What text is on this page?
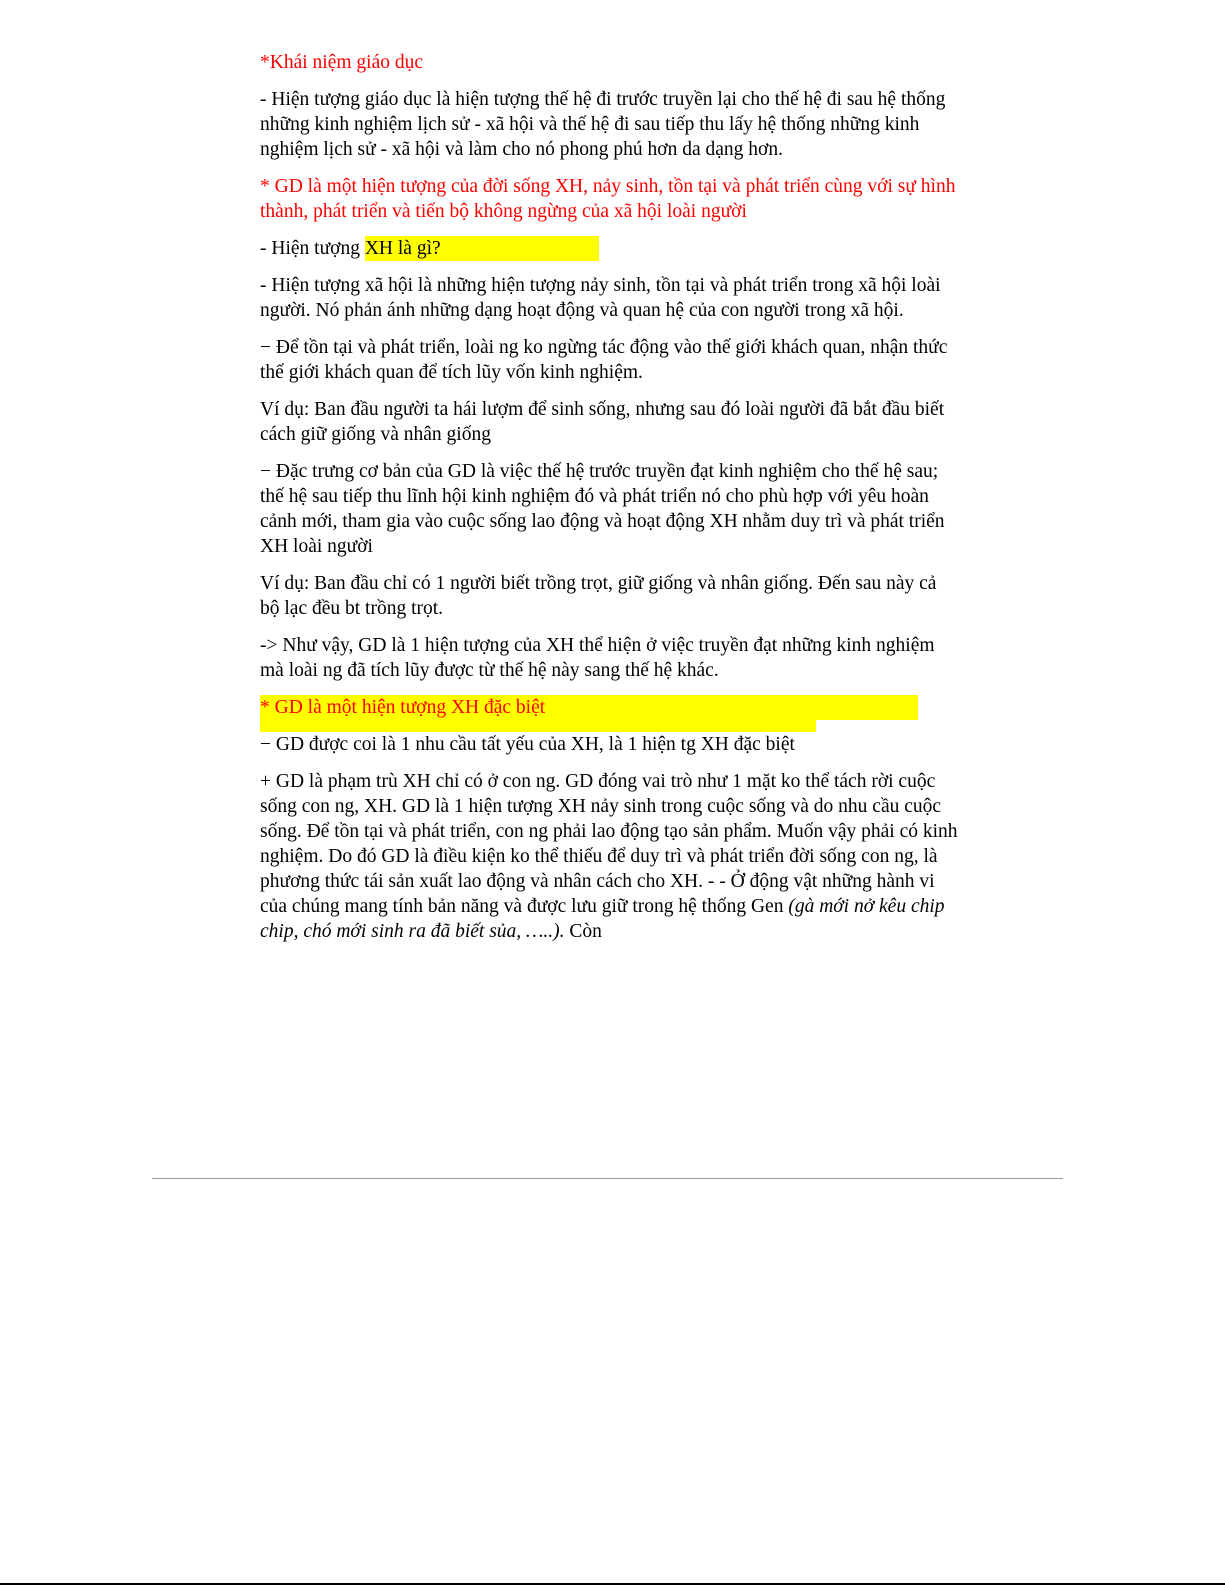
*Khái niệm giáo dục

- Hiện tượng giáo dục là hiện tượng thế hệ đi trước truyền lại cho thế hệ đi sau hệ thống những kinh nghiệm lịch sử - xã hội và thế hệ đi sau tiếp thu lấy hệ thống những kinh nghiệm lịch sử - xã hội và làm cho nó phong phú hơn da dạng hơn.

* GD là một hiện tượng của đời sống XH, nảy sinh, tồn tại và phát triển cùng với sự hình thành, phát triển và tiến bộ không ngừng của xã hội loài người

- Hiện tượng XH là gì?

- Hiện tượng xã hội là những hiện tượng nảy sinh, tồn tại và phát triển trong xã hội loài người. Nó phản ánh những dạng hoạt động và quan hệ của con người trong xã hội.

− Để tồn tại và phát triển, loài ng ko ngừng tác động vào thế giới khách quan, nhận thức thế giới khách quan để tích lũy vốn kinh nghiệm.

Ví dụ: Ban đầu người ta hái lượm để sinh sống, nhưng sau đó loài người đã bắt đầu biết cách giữ giống và nhân giống

− Đặc trưng cơ bản của GD là việc thế hệ trước truyền đạt kinh nghiệm cho thế hệ sau; thế hệ sau tiếp thu lĩnh hội kinh nghiệm đó và phát triển nó cho phù hợp với yêu hoàn cảnh mới, tham gia vào cuộc sống lao động và hoạt động XH nhằm duy trì và phát triển XH loài người

Ví dụ: Ban đầu chỉ có 1 người biết trồng trọt, giữ giống và nhân giống. Đến sau này cả bộ lạc đều bt trồng trọt.

-> Như vậy, GD là 1 hiện tượng của XH thể hiện ở việc truyền đạt những kinh nghiệm mà loài ng đã tích lũy được từ thế hệ này sang thế hệ khác.

* GD là một hiện tượng XH đặc biệt

− GD được coi là 1 nhu cầu tất yếu của XH, là 1 hiện tg XH đặc biệt

+ GD là phạm trù XH chỉ có ở con ng. GD đóng vai trò như 1 mặt ko thể tách rời cuộc sống con ng, XH. GD là 1 hiện tượng XH nảy sinh trong cuộc sống và do nhu cầu cuộc sống. Để tồn tại và phát triển, con ng phải lao động tạo sản phẩm. Muốn vậy phải có kinh nghiệm. Do đó GD là điều kiện ko thể thiếu để duy trì và phát triển đời sống con ng, là phương thức tái sản xuất lao động và nhân cách cho XH. - - Ở động vật những hành vi của chúng mang tính bản năng và được lưu giữ trong hệ thống Gen (gà mới nở kêu chip chip, chó mới sinh ra đã biết sủa, …..). Còn
